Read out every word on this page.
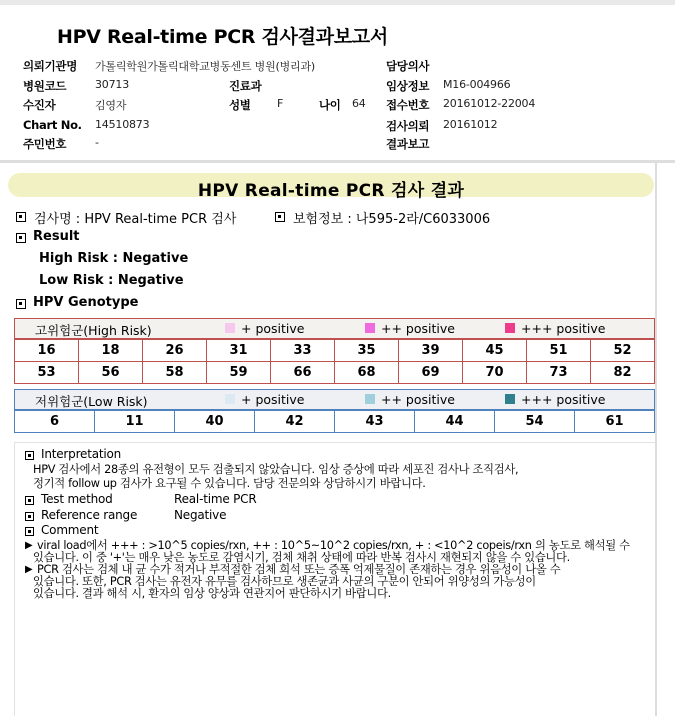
HPV Real-time PCR 검사결과보고서
의뢰기관명 가톨릭학원가톨릭대학교병동센트 병원(병리과)
병원코드	30713	진료과
수진자	김영자	성별 F	나이 64
Chart No. 14510873
주민번호	-
담당의사
임상정보 M16-004966
접수번호 20161012-22004
검사의뢰 20161012
결과보고
HPV Real-time PCR 검사 결과
검사명 : HPV Real-time PCR 검사	보험정보 : 나595-2라/C6033006
Result
High Risk : Negative
Low Risk : Negative
HPV Genotype
고위험군(High Risk)	+ positive	++ positive	+++ positive
16	18	26	31	33	35	39	45	51	52
53	56	58	59	66	68	69	70	73	82
저위험군(Low Risk)	+ positive	++ positive	+++ positive
6	11	40	42	43	44	54	61
Interpretation
HPV 검사에서 28종의 유전형이 모두 검출되지 않았습니다. 임상 증상에 따라 세포진 검사나 조직검사,
정기적 follow up 검사가 요구될 수 있습니다. 담당 전문의와 상담하시기 바랍니다.
Test method	Real-time PCR
Reference range	Negative
Comment
▶ viral load에서 +++ : >10^5 copies/rxn, ++ : 10^5~10^2 copies/rxn, + : <10^2 copeis/rxn 의 농도로 해석될 수
있습니다. 이 중 '+'는 매우 낮은 농도로 감염시기, 검체 채취 상태에 따라 반복 검사시 재현되지 않을 수 있습니다.
▶ PCR 검사는 검체 내 균 수가 적거나 부적절한 검체 희석 또는 증폭 억제물질이 존재하는 경우 위음성이 나올 수
있습니다. 또한, PCR 검사는 유전자 유무를 검사하므로 생존균과 사균의 구분이 안되어 위양성의 가능성이
있습니다. 결과 해석 시, 환자의 임상 양상과 연관지어 판단하시기 바랍니다.
